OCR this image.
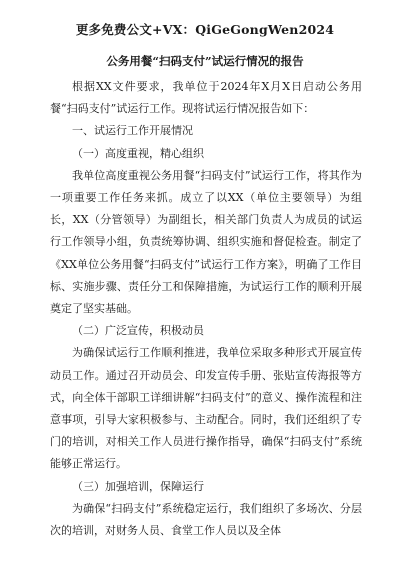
更多免费公文+VX：QiGeGongWen2024
公务用餐“扫码支付”试运行情况的报告

根据XX文件要求，我单位于2024年X月X日启动公务用餐“扫码支付”试运行工作。现将试运行情况报告如下：

一、试运行工作开展情况

（一）高度重视，精心组织

我单位高度重视公务用餐“扫码支付”试运行工作，将其作为一项重要工作任务来抓。成立了以XX（单位主要领导）为组长，XX（分管领导）为副组长，相关部门负责人为成员的试运行工作领导小组，负责统筹协调、组织实施和督促检查。制定了《XX单位公务用餐“扫码支付”试运行工作方案》，明确了工作目标、实施步骤、责任分工和保障措施，为试运行工作的顺利开展奠定了坚实基础。

（二）广泛宣传，积极动员

为确保试运行工作顺利推进，我单位采取多种形式开展宣传动员工作。通过召开动员会、印发宣传手册、张贴宣传海报等方式，向全体干部职工详细讲解“扫码支付”的意义、操作流程和注意事项，引导大家积极参与、主动配合。同时，我们还组织了专门的培训，对相关工作人员进行操作指导，确保“扫码支付”系统能够正常运行。

（三）加强培训，保障运行

为确保“扫码支付”系统稳定运行，我们组织了多场次、分层次的培训，对财务人员、食堂工作人员以及全体
